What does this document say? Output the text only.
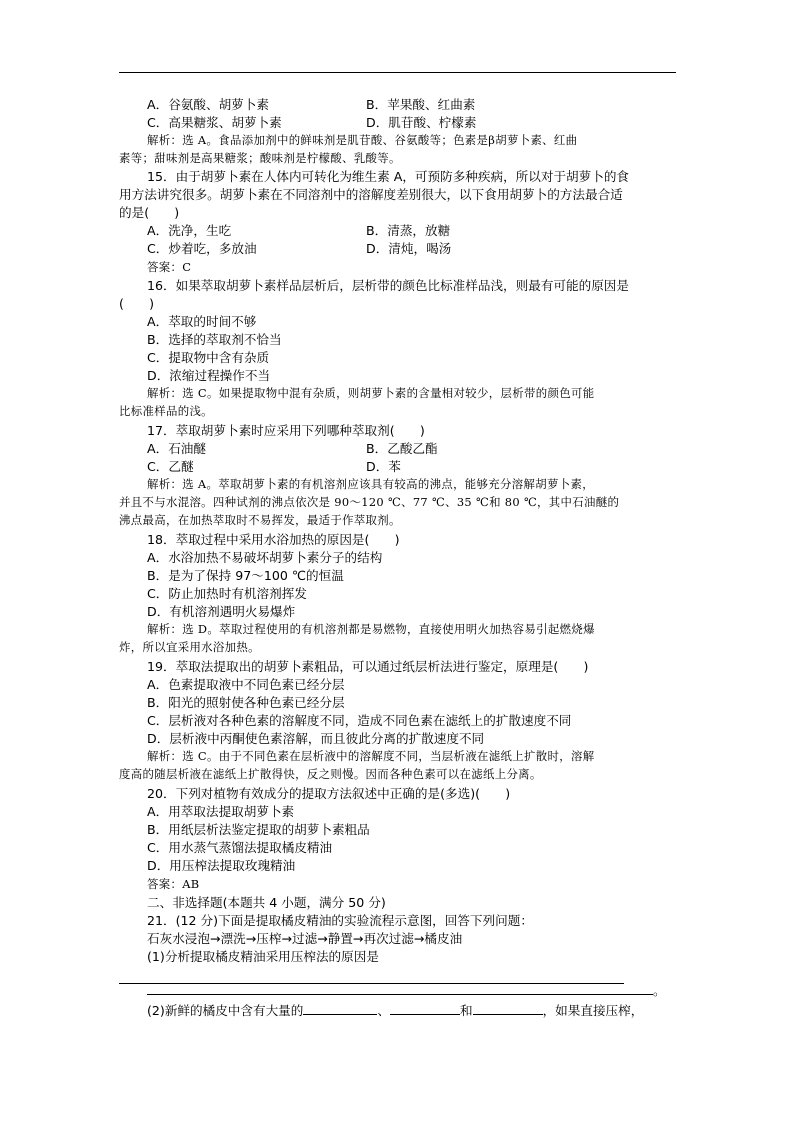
A．谷氨酸、胡萝卜素	B．苹果酸、红曲素
C．高果糖浆、胡萝卜素	D．肌苷酸、柠檬素
解析：选 A。食品添加剂中的鲜味剂是肌苷酸、谷氨酸等；色素是β胡萝卜素、红曲
素等；甜味剂是高果糖浆；酸味剂是柠檬酸、乳酸等。
15．由于胡萝卜素在人体内可转化为维生素 A，可预防多种疾病，所以对于胡萝卜的食
用方法讲究很多。胡萝卜素在不同溶剂中的溶解度差别很大，以下食用胡萝卜的方法最合适
的是(　　)
A．洗净，生吃	B．清蒸，放糖
C．炒着吃，多放油	D．清炖，喝汤
答案：C
16．如果萃取胡萝卜素样品层析后，层析带的颜色比标准样品浅，则最有可能的原因是
(　　)
A．萃取的时间不够
B．选择的萃取剂不恰当
C．提取物中含有杂质
D．浓缩过程操作不当
解析：选 C。如果提取物中混有杂质，则胡萝卜素的含量相对较少，层析带的颜色可能
比标准样品的浅。
17．萃取胡萝卜素时应采用下列哪种萃取剂(　　)
A．石油醚	B．乙酸乙酯
C．乙醚	D．苯
解析：选 A。萃取胡萝卜素的有机溶剂应该具有较高的沸点，能够充分溶解胡萝卜素，
并且不与水混溶。四种试剂的沸点依次是 90～120 ℃、77 ℃、35 ℃和 80 ℃，其中石油醚的
沸点最高，在加热萃取时不易挥发，最适于作萃取剂。
18．萃取过程中采用水浴加热的原因是(　　)
A．水浴加热不易破坏胡萝卜素分子的结构
B．是为了保持 97～100 ℃的恒温
C．防止加热时有机溶剂挥发
D．有机溶剂遇明火易爆炸
解析：选 D。萃取过程使用的有机溶剂都是易燃物，直接使用明火加热容易引起燃烧爆
炸，所以宜采用水浴加热。
19．萃取法提取出的胡萝卜素粗品，可以通过纸层析法进行鉴定，原理是(　　)
A．色素提取液中不同色素已经分层
B．阳光的照射使各种色素已经分层
C．层析液对各种色素的溶解度不同，造成不同色素在滤纸上的扩散速度不同
D．层析液中丙酮使色素溶解，而且彼此分离的扩散速度不同
解析：选 C。由于不同色素在层析液中的溶解度不同，当层析液在滤纸上扩散时，溶解
度高的随层析液在滤纸上扩散得快，反之则慢。因而各种色素可以在滤纸上分离。
20．下列对植物有效成分的提取方法叙述中正确的是(多选)(　　)
A．用萃取法提取胡萝卜素
B．用纸层析法鉴定提取的胡萝卜素粗品
C．用水蒸气蒸馏法提取橘皮精油
D．用压榨法提取玫瑰精油
答案：AB
二、非选择题(本题共 4 小题，满分 50 分)
21．(12 分)下面是提取橘皮精油的实验流程示意图，回答下列问题：
石灰水浸泡→漂洗→压榨→过滤→静置→再次过滤→橘皮油
(1)分析提取橘皮精油采用压榨法的原因是
。
(2)新鲜的橘皮中含有大量的	、	和	，如果直接压榨，
